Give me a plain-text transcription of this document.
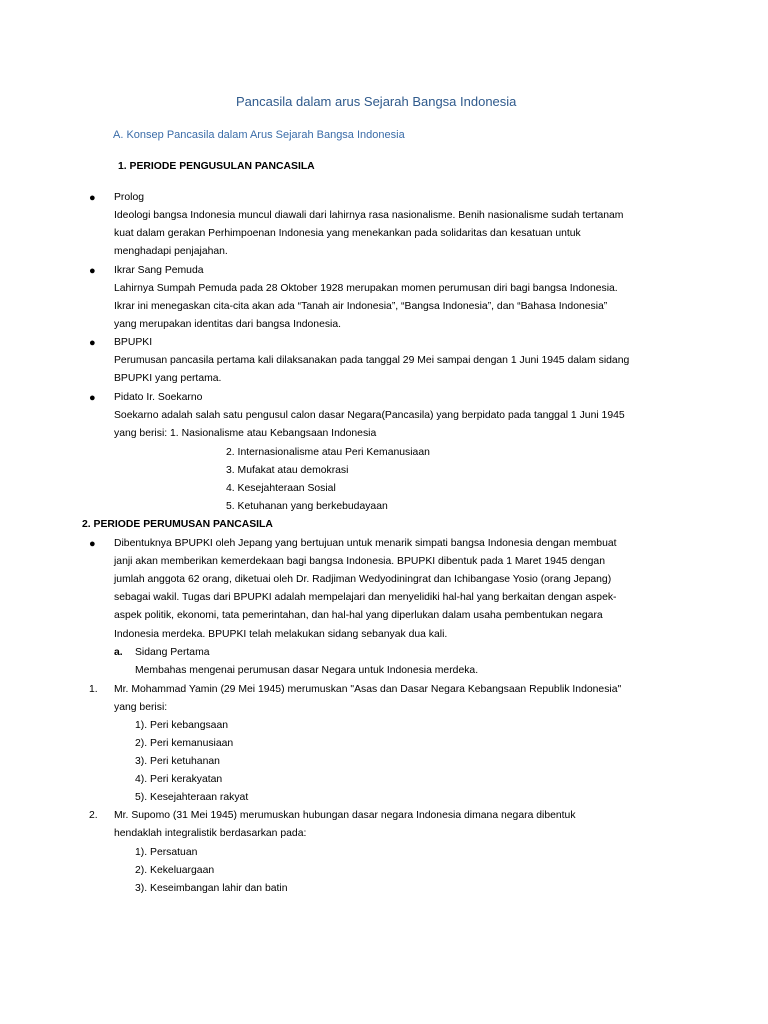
Pancasila dalam arus Sejarah Bangsa Indonesia
A. Konsep Pancasila dalam Arus Sejarah Bangsa Indonesia
1. PERIODE PENGUSULAN PANCASILA
● Prolog
Ideologi bangsa Indonesia muncul diawali dari lahirnya rasa nasionalisme. Benih nasionalisme sudah tertanam
kuat dalam gerakan Perhimpoenan Indonesia yang menekankan pada solidaritas dan kesatuan untuk
menghadapi penjajahan.
● Ikrar Sang Pemuda
Lahirnya Sumpah Pemuda pada 28 Oktober 1928 merupakan momen perumusan diri bagi bangsa Indonesia.
Ikrar ini menegaskan cita-cita akan ada “Tanah air Indonesia”, “Bangsa Indonesia”, dan “Bahasa Indonesia”
yang merupakan identitas dari bangsa Indonesia.
● BPUPKI
Perumusan pancasila pertama kali dilaksanakan pada tanggal 29 Mei sampai dengan 1 Juni 1945 dalam sidang
BPUPKI yang pertama.
● Pidato Ir. Soekarno
Soekarno adalah salah satu pengusul calon dasar Negara(Pancasila) yang berpidato pada tanggal 1 Juni 1945
yang berisi: 1. Nasionalisme atau Kebangsaan Indonesia
2. Internasionalisme atau Peri Kemanusiaan
3. Mufakat atau demokrasi
4. Kesejahteraan Sosial
5. Ketuhanan yang berkebudayaan
2. PERIODE PERUMUSAN PANCASILA
● Dibentuknya BPUPKI oleh Jepang yang bertujuan untuk menarik simpati bangsa Indonesia dengan membuat
janji akan memberikan kemerdekaan bagi bangsa Indonesia. BPUPKI dibentuk pada 1 Maret 1945 dengan
jumlah anggota 62 orang, diketuai oleh Dr. Radjiman Wedyodiningrat dan Ichibangase Yosio (orang Jepang)
sebagai wakil. Tugas dari BPUPKI adalah mempelajari dan menyelidiki hal-hal yang berkaitan dengan aspek-
aspek politik, ekonomi, tata pemerintahan, dan hal-hal yang diperlukan dalam usaha pembentukan negara
Indonesia merdeka. BPUPKI telah melakukan sidang sebanyak dua kali.
a. Sidang Pertama
Membahas mengenai perumusan dasar Negara untuk Indonesia merdeka.
1. Mr. Mohammad Yamin (29 Mei 1945) merumuskan "Asas dan Dasar Negara Kebangsaan Republik Indonesia"
yang berisi:
1). Peri kebangsaan
2). Peri kemanusiaan
3). Peri ketuhanan
4). Peri kerakyatan
5). Kesejahteraan rakyat
2. Mr. Supomo (31 Mei 1945) merumuskan hubungan dasar negara Indonesia dimana negara dibentuk
hendaklah integralistik berdasarkan pada:
1). Persatuan
2). Kekeluargaan
3). Keseimbangan lahir dan batin
